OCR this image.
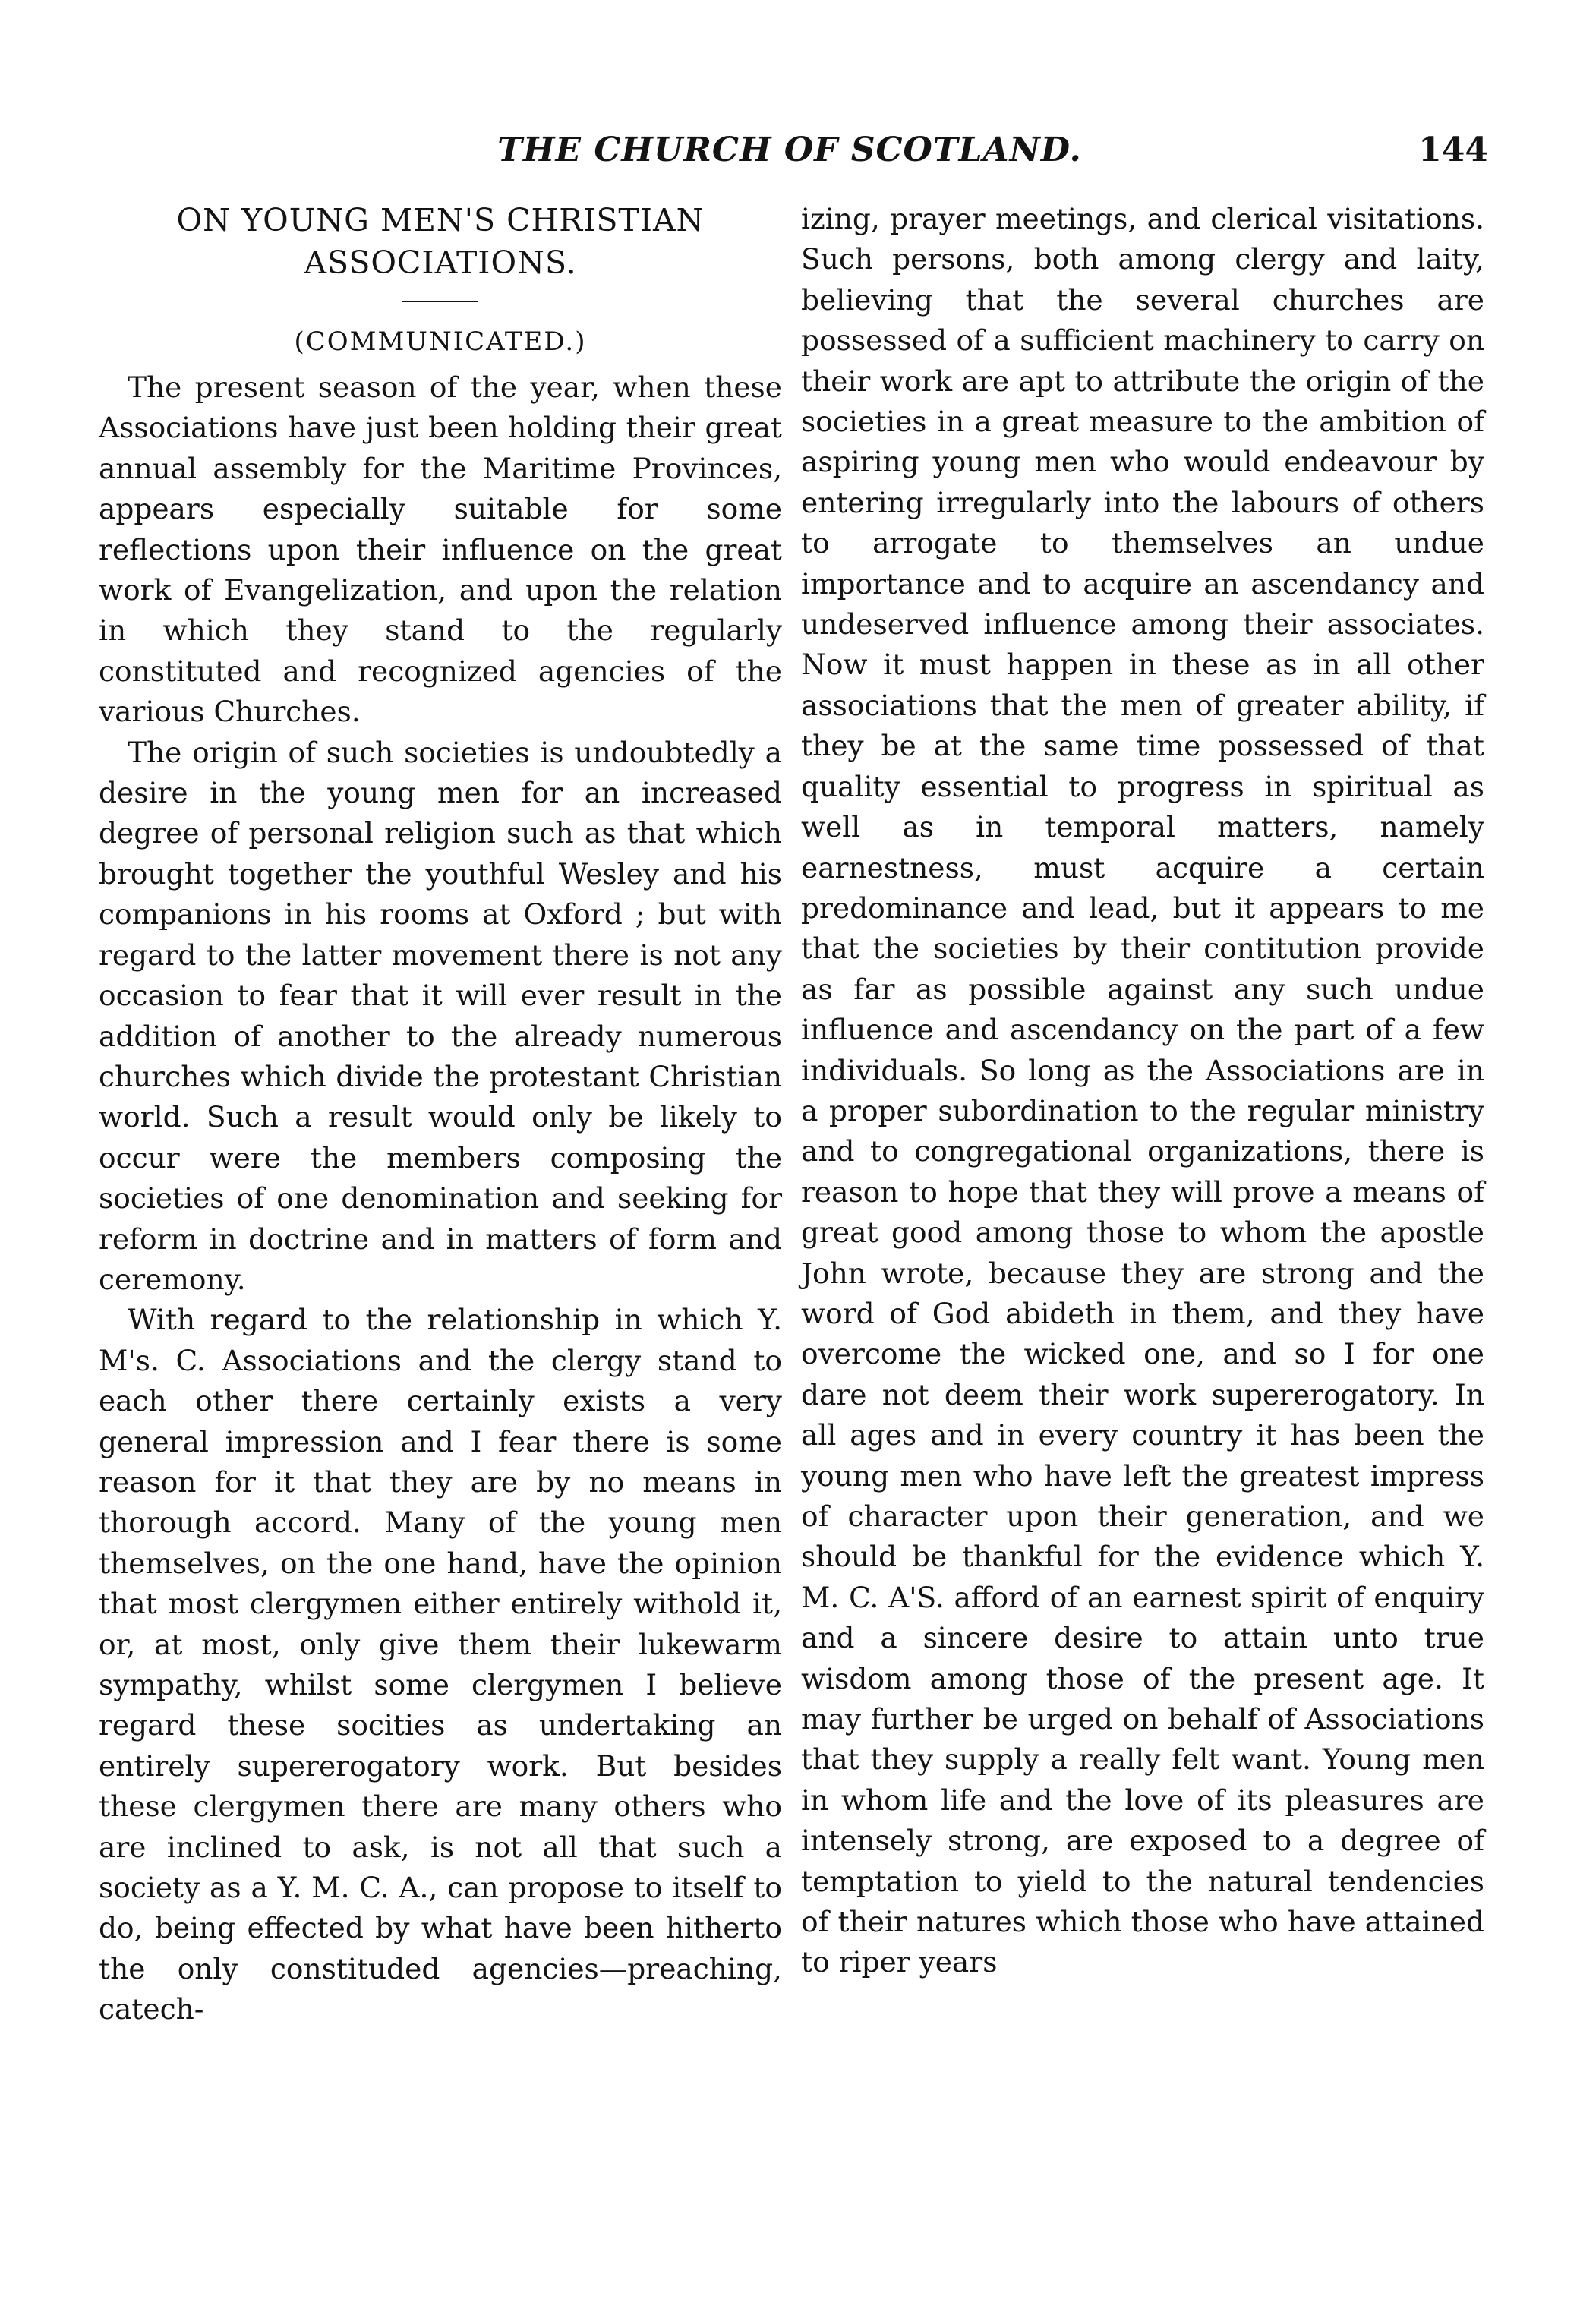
THE CHURCH OF SCOTLAND.	144
ON YOUNG MEN'S CHRISTIAN
ASSOCIATIONS.
(COMMUNICATED.)

The present season of the year, when these Associations have just been holding their great annual assembly for the Maritime Provinces, appears especially suitable for some reflections upon their influence on the great work of Evangelization, and upon the relation in which they stand to the regularly constituted and recognized agencies of the various Churches.

The origin of such societies is undoubtedly a desire in the young men for an increased degree of personal religion such as that which brought together the youthful Wesley and his companions in his rooms at Oxford ; but with regard to the latter movement there is not any occasion to fear that it will ever result in the addition of another to the already numerous churches which divide the protestant Christian world. Such a result would only be likely to occur were the members composing the societies of one denomination and seeking for reform in doctrine and in matters of form and ceremony.

With regard to the relationship in which Y. M's. C. Associations and the clergy stand to each other there certainly exists a very general impression and I fear there is some reason for it that they are by no means in thorough accord. Many of the young men themselves, on the one hand, have the opinion that most clergymen either entirely withold it, or, at most, only give them their lukewarm sympathy, whilst some clergymen I believe regard these socities as undertaking an entirely supererogatory work. But besides these clergymen there are many others who are inclined to ask, is not all that such a society as a Y. M. C. A., can propose to itself to do, being effected by what have been hitherto the only constituded agencies—preaching, catech-

izing, prayer meetings, and clerical visitations. Such persons, both among clergy and laity, believing that the several churches are possessed of a sufficient machinery to carry on their work are apt to attribute the origin of the societies in a great measure to the ambition of aspiring young men who would endeavour by entering irregularly into the labours of others to arrogate to themselves an undue importance and to acquire an ascendancy and undeserved influence among their associates. Now it must happen in these as in all other associations that the men of greater ability, if they be at the same time possessed of that quality essential to progress in spiritual as well as in temporal matters, namely earnestness, must acquire a certain predominance and lead, but it appears to me that the societies by their contitution provide as far as possible against any such undue influence and ascendancy on the part of a few individuals. So long as the Associations are in a proper subordination to the regular ministry and to congregational organizations, there is reason to hope that they will prove a means of great good among those to whom the apostle John wrote, because they are strong and the word of God abideth in them, and they have overcome the wicked one, and so I for one dare not deem their work supererogatory. In all ages and in every country it has been the young men who have left the greatest impress of character upon their generation, and we should be thankful for the evidence which Y. M. C. A'S. afford of an earnest spirit of enquiry and a sincere desire to attain unto true wisdom among those of the present age. It may further be urged on behalf of Associations that they supply a really felt want. Young men in whom life and the love of its pleasures are intensely strong, are exposed to a degree of temptation to yield to the natural tendencies of their natures which those who have attained to riper years
